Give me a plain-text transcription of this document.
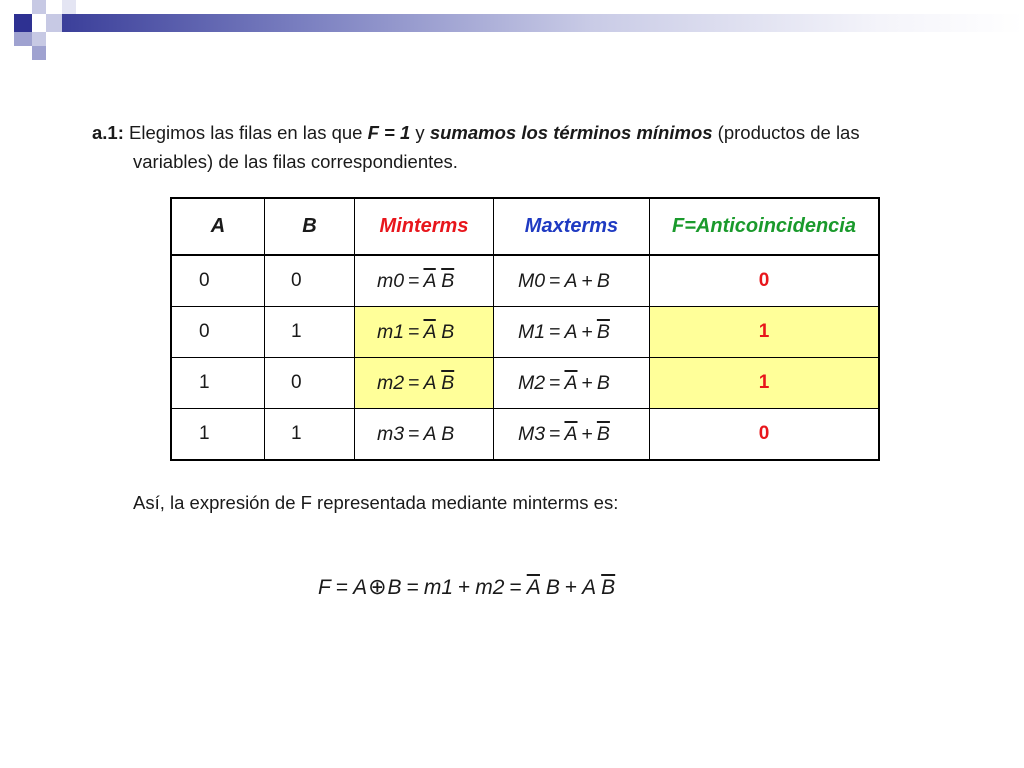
a.1: Elegimos las filas en las que F = 1 y sumamos los términos mínimos (productos de las
variables) de las filas correspondientes.
A	B	Minterms	Maxterms	F=Anticoincidencia
0	0	$m0 = \overline{A}$ $\overline{B}$	M0 = A + B	0
0	1	$m1 = \overline{A}$ B	$M1 = A + \overline{B}$	1
1	0	m2 = A $\overline{B}$	$M2 = \overline{A} + B$	1
1	1	m3 = A B	$M3 = \overline{A} + \overline{B}$	0
Así, la expresión de F representada mediante minterms es:
F = A⊕B = $m1 + m2 = \overline{A}$ B + A $\overline{B}$
